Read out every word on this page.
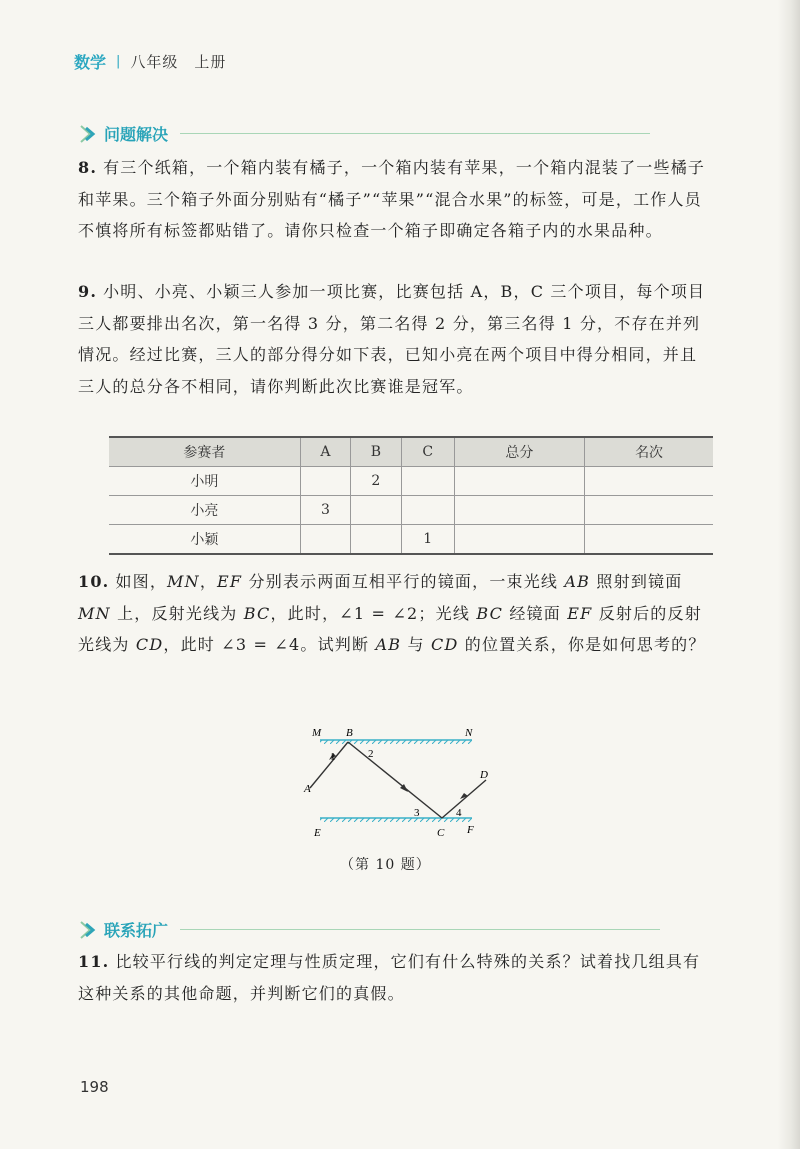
数学 | 八年级　上册
问题解决
8. 有三个纸箱，一个箱内装有橘子，一个箱内装有苹果，一个箱内混装了一些橘子和苹果。三个箱子外面分别贴有“橘子”“苹果”“混合水果”的标签，可是，工作人员不慎将所有标签都贴错了。请你只检查一个箱子即确定各箱子内的水果品种。
9. 小明、小亮、小颖三人参加一项比赛，比赛包括 A，B，C 三个项目，每个项目三人都要排出名次，第一名得 3 分，第二名得 2 分，第三名得 1 分，不存在并列情况。经过比赛，三人的部分得分如下表，已知小亮在两个项目中得分相同，并且三人的总分各不相同，请你判断此次比赛谁是冠军。
参赛者	A	B	C	总分	名次
小明		2			
小亮	3				
小颖			1		
10. 如图，MN，EF 分别表示两面互相平行的镜面，一束光线 AB 照射到镜面 MN 上，反射光线为 BC，此时，∠1 = ∠2；光线 BC 经镜面 EF 反射后的反射光线为 CD，此时 ∠3 = ∠4。试判断 AB 与 CD 的位置关系，你是如何思考的？
M B	N
1	2
A
3	4
D
E	C F
（第 10 题）
联系拓广
11. 比较平行线的判定定理与性质定理，它们有什么特殊的关系？试着找几组具有这种关系的其他命题，并判断它们的真假。
198
